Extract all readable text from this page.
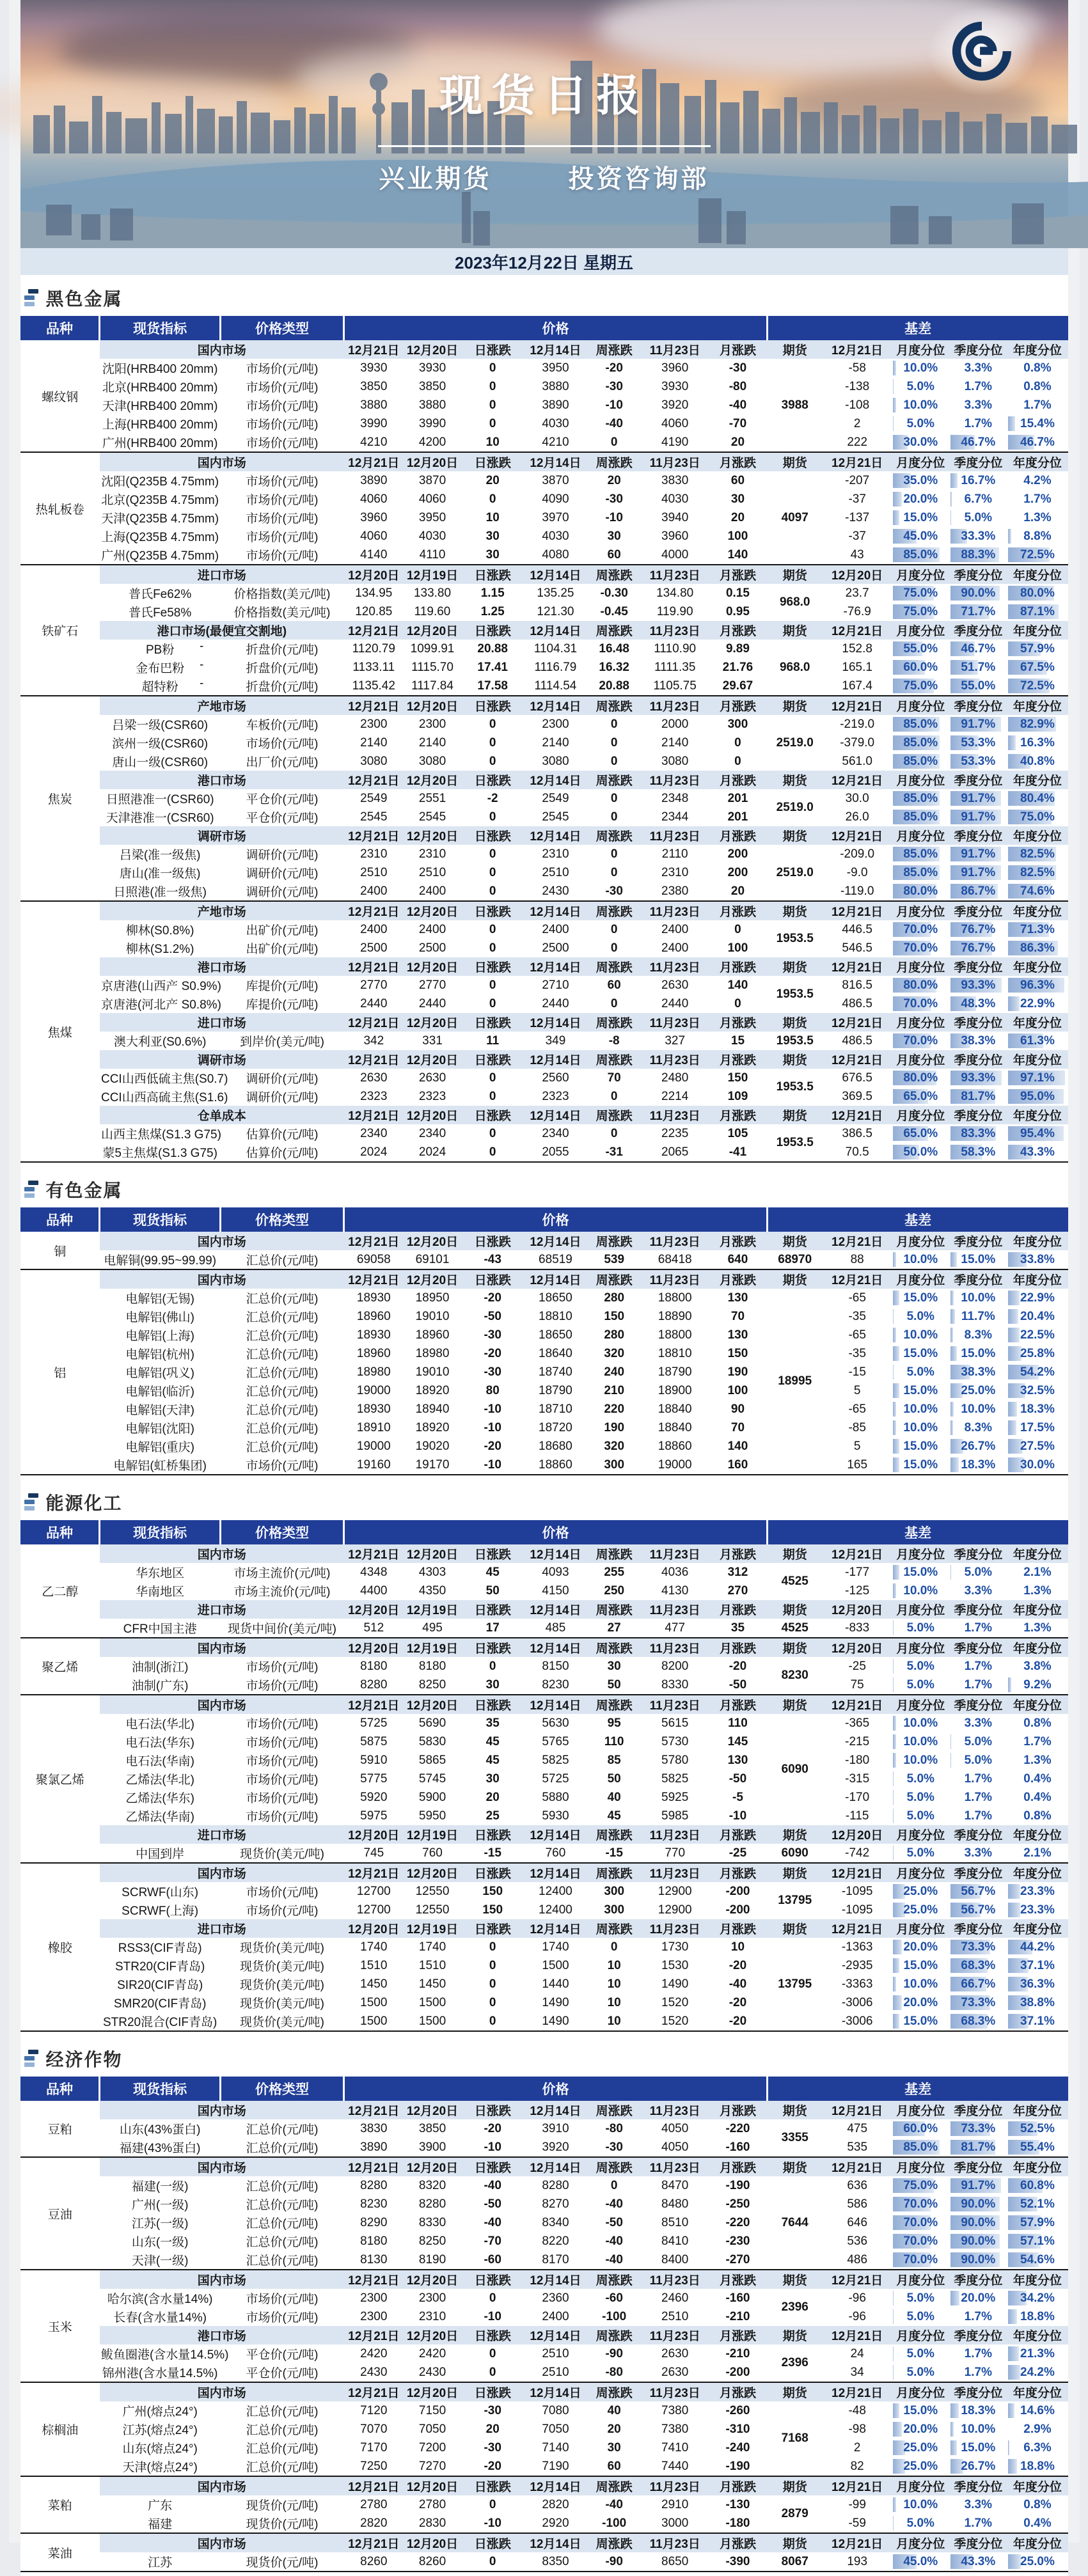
现货日报
兴业期货	投资咨询部
2023年12月22日 星期五
黑色金属
品种	现货指标	价格类型	价格							基差				
螺纹钢	国内市场		12月21日	12月20日	日涨跌	12月14日	周涨跌	11月23日	月涨跌	期货	12月21日	月度分位	季度分位	年度分位
	沈阳(HRB400 20mm)	市场价(元/吨)	3930	3930	0	3950	-20	3960	-30	3988	-58	10.0%	3.3%	0.8%
	北京(HRB400 20mm)	市场价(元/吨)	3850	3850	0	3880	-30	3930	-80		-138	5.0%	1.7%	0.8%
	天津(HRB400 20mm)	市场价(元/吨)	3880	3880	0	3890	-10	3920	-40		-108	10.0%	3.3%	1.7%
	上海(HRB400 20mm)	市场价(元/吨)	3990	3990	0	4030	-40	4060	-70		2	5.0%	1.7%	15.4%
	广州(HRB400 20mm)	市场价(元/吨)	4210	4200	10	4210	0	4190	20		222	30.0%	46.7%	46.7%
热轧板卷	国内市场		12月21日	12月20日	日涨跌	12月14日	周涨跌	11月23日	月涨跌	期货	12月21日	月度分位	季度分位	年度分位
	沈阳(Q235B 4.75mm)	市场价(元/吨)	3890	3870	20	3870	20	3830	60	4097	-207	35.0%	16.7%	4.2%
	北京(Q235B 4.75mm)	市场价(元/吨)	4060	4060	0	4090	-30	4030	30		-37	20.0%	6.7%	1.7%
	天津(Q235B 4.75mm)	市场价(元/吨)	3960	3950	10	3970	-10	3940	20		-137	15.0%	5.0%	1.3%
	上海(Q235B 4.75mm)	市场价(元/吨)	4060	4030	30	4030	30	3960	100		-37	45.0%	33.3%	8.8%
	广州(Q235B 4.75mm)	市场价(元/吨)	4140	4110	30	4080	60	4000	140		43	85.0%	88.3%	72.5%
铁矿石	进口市场		12月20日	12月19日	日涨跌	12月14日	周涨跌	11月23日	月涨跌	期货	12月20日	月度分位	季度分位	年度分位
	普氏Fe62%	价格指数(美元/吨)	134.95	133.80	1.15	135.25	-0.30	134.80	0.15	968.0	23.7	75.0%	90.0%	80.0%
	普氏Fe58%	价格指数(美元/吨)	120.85	119.60	1.25	121.30	-0.45	119.90	0.95		-76.9	75.0%	71.7%	87.1%
	港口市场(最便宜交割地)		12月21日	12月20日	日涨跌	12月14日	周涨跌	11月23日	月涨跌	期货	12月21日	月度分位	季度分位	年度分位
	PB粉 -	折盘价(元/吨)	1120.79	1099.91	20.88	1104.31	16.48	1110.90	9.89	968.0	152.8	55.0%	46.7%	57.9%
	金布巴粉 -	折盘价(元/吨)	1133.11	1115.70	17.41	1116.79	16.32	1111.35	21.76		165.1	60.0%	51.7%	67.5%
	超特粉 -	折盘价(元/吨)	1135.42	1117.84	17.58	1114.54	20.88	1105.75	29.67		167.4	75.0%	55.0%	72.5%
焦炭	产地市场		12月21日	12月20日	日涨跌	12月14日	周涨跌	11月23日	月涨跌	期货	12月21日	月度分位	季度分位	年度分位
	吕梁一级(CSR60)	车板价(元/吨)	2300	2300	0	2300	0	2000	300	2519.0	-219.0	85.0%	91.7%	82.9%
	滨州一级(CSR60)	市场价(元/吨)	2140	2140	0	2140	0	2140	0		-379.0	85.0%	53.3%	16.3%
	唐山一级(CSR60)	出厂价(元/吨)	3080	3080	0	3080	0	3080	0		561.0	85.0%	53.3%	40.8%
	港口市场		12月21日	12月20日	日涨跌	12月14日	周涨跌	11月23日	月涨跌	期货	12月21日	月度分位	季度分位	年度分位
	日照港准一(CSR60)	平仓价(元/吨)	2549	2551	-2	2549	0	2348	201	2519.0	30.0	85.0%	91.7%	80.4%
	天津港准一(CSR60)	平仓价(元/吨)	2545	2545	0	2545	0	2344	201		26.0	85.0%	91.7%	75.0%
	调研市场		12月21日	12月20日	日涨跌	12月14日	周涨跌	11月23日	月涨跌	期货	12月21日	月度分位	季度分位	年度分位
	吕梁(准一级焦)	调研价(元/吨)	2310	2310	0	2310	0	2110	200	2519.0	-209.0	85.0%	91.7%	82.5%
	唐山(准一级焦)	调研价(元/吨)	2510	2510	0	2510	0	2310	200		-9.0	85.0%	91.7%	82.5%
	日照港(准一级焦)	调研价(元/吨)	2400	2400	0	2430	-30	2380	20		-119.0	80.0%	86.7%	74.6%
焦煤	产地市场		12月21日	12月20日	日涨跌	12月14日	周涨跌	11月23日	月涨跌	期货	12月21日	月度分位	季度分位	年度分位
	柳林(S0.8%)	出矿价(元/吨)	2400	2400	0	2400	0	2400	0	1953.5	446.5	70.0%	76.7%	71.3%
	柳林(S1.2%)	出矿价(元/吨)	2500	2500	0	2500	0	2400	100		546.5	70.0%	76.7%	86.3%
	港口市场		12月21日	12月20日	日涨跌	12月14日	周涨跌	11月23日	月涨跌	期货	12月21日	月度分位	季度分位	年度分位
	京唐港(山西产 S0.9%)	库提价(元/吨)	2770	2770	0	2710	60	2630	140	1953.5	816.5	80.0%	93.3%	96.3%
	京唐港(河北产 S0.8%)	库提价(元/吨)	2440	2440	0	2440	0	2440	0		486.5	70.0%	48.3%	22.9%
	进口市场		12月21日	12月20日	日涨跌	12月14日	周涨跌	11月23日	月涨跌	期货	12月21日	月度分位	季度分位	年度分位
	澳大利亚(S0.6%)	到岸价(美元/吨)	342	331	11	349	-8	327	15	1953.5	486.5	70.0%	38.3%	61.3%
	调研市场		12月21日	12月20日	日涨跌	12月14日	周涨跌	11月23日	月涨跌	期货	12月21日	月度分位	季度分位	年度分位
	CCI山西低硫主焦(S0.7)	调研价(元/吨)	2630	2630	0	2560	70	2480	150	1953.5	676.5	80.0%	93.3%	97.1%
	CCI山西高硫主焦(S1.6)	调研价(元/吨)	2323	2323	0	2323	0	2214	109		369.5	65.0%	81.7%	95.0%
	仓单成本		12月21日	12月20日	日涨跌	12月14日	周涨跌	11月23日	月涨跌	期货	12月21日	月度分位	季度分位	年度分位
	山西主焦煤(S1.3 G75)	估算价(元/吨)	2340	2340	0	2340	0	2235	105	1953.5	386.5	65.0%	83.3%	95.4%
	蒙5主焦煤(S1.3 G75)	估算价(元/吨)	2024	2024	0	2055	-31	2065	-41		70.5	50.0%	58.3%	43.3%
有色金属
品种	现货指标	价格类型	价格							基差				
铜	国内市场		12月21日	12月20日	日涨跌	12月14日	周涨跌	11月23日	月涨跌	期货	12月21日	月度分位	季度分位	年度分位
	电解铜(99.95~99.99)	汇总价(元/吨)	69058	69101	-43	68519	539	68418	640	68970	88	10.0%	15.0%	33.8%
铝	国内市场		12月21日	12月20日	日涨跌	12月14日	周涨跌	11月23日	月涨跌	期货	12月21日	月度分位	季度分位	年度分位
	电解铝(无锡)	汇总价(元/吨)	18930	18950	-20	18650	280	18800	130	18995	-65	15.0%	10.0%	22.9%
	电解铝(佛山)	汇总价(元/吨)	18960	19010	-50	18810	150	18890	70		-35	5.0%	11.7%	20.4%
	电解铝(上海)	汇总价(元/吨)	18930	18960	-30	18650	280	18800	130		-65	10.0%	8.3%	22.5%
	电解铝(杭州)	汇总价(元/吨)	18960	18980	-20	18640	320	18810	150		-35	15.0%	15.0%	25.8%
	电解铝(巩义)	汇总价(元/吨)	18980	19010	-30	18740	240	18790	190		-15	5.0%	38.3%	54.2%
	电解铝(临沂)	汇总价(元/吨)	19000	18920	80	18790	210	18900	100		5	15.0%	25.0%	32.5%
	电解铝(天津)	汇总价(元/吨)	18930	18940	-10	18710	220	18840	90		-65	10.0%	10.0%	18.3%
	电解铝(沈阳)	汇总价(元/吨)	18910	18920	-10	18720	190	18840	70		-85	10.0%	8.3%	17.5%
	电解铝(重庆)	汇总价(元/吨)	19000	19020	-20	18680	320	18860	140		5	15.0%	26.7%	27.5%
	电解铝(虹桥集团)	市场价(元/吨)	19160	19170	-10	18860	300	19000	160		165	15.0%	18.3%	30.0%
能源化工
品种	现货指标	价格类型	价格							基差				
乙二醇	国内市场		12月21日	12月20日	日涨跌	12月14日	周涨跌	11月23日	月涨跌	期货	12月21日	月度分位	季度分位	年度分位
	华东地区	市场主流价(元/吨)	4348	4303	45	4093	255	4036	312	4525	-177	15.0%	5.0%	2.1%
	华南地区	市场主流价(元/吨)	4400	4350	50	4150	250	4130	270		-125	10.0%	3.3%	1.3%
	进口市场		12月20日	12月19日	日涨跌	12月14日	周涨跌	11月23日	月涨跌	期货	12月20日	月度分位	季度分位	年度分位
	CFR中国主港	现货中间价(美元/吨)	512	495	17	485	27	477	35	4525	-833	5.0%	1.7%	1.3%
聚乙烯	国内市场		12月20日	12月19日	日涨跌	12月14日	周涨跌	11月23日	月涨跌	期货	12月20日	月度分位	季度分位	年度分位
	油制(浙江)	市场价(元/吨)	8180	8180	0	8150	30	8200	-20	8230	-25	5.0%	1.7%	3.8%
	油制(广东)	市场价(元/吨)	8280	8250	30	8230	50	8330	-50		75	5.0%	1.7%	9.2%
聚氯乙烯	国内市场		12月21日	12月20日	日涨跌	12月14日	周涨跌	11月23日	月涨跌	期货	12月21日	月度分位	季度分位	年度分位
	电石法(华北)	市场价(元/吨)	5725	5690	35	5630	95	5615	110	6090	-365	10.0%	3.3%	0.8%
	电石法(华东)	市场价(元/吨)	5875	5830	45	5765	110	5730	145		-215	10.0%	5.0%	1.7%
	电石法(华南)	市场价(元/吨)	5910	5865	45	5825	85	5780	130		-180	10.0%	5.0%	1.3%
	乙烯法(华北)	市场价(元/吨)	5775	5745	30	5725	50	5825	-50		-315	5.0%	1.7%	0.4%
	乙烯法(华东)	市场价(元/吨)	5920	5900	20	5880	40	5925	-5		-170	5.0%	1.7%	0.4%
	乙烯法(华南)	市场价(元/吨)	5975	5950	25	5930	45	5985	-10		-115	5.0%	1.7%	0.8%
	进口市场		12月20日	12月19日	日涨跌	12月14日	周涨跌	11月23日	月涨跌	期货	12月20日	月度分位	季度分位	年度分位
	中国到岸	现货价(美元/吨)	745	760	-15	760	-15	770	-25	6090	-742	5.0%	3.3%	2.1%
橡胶	国内市场		12月21日	12月20日	日涨跌	12月14日	周涨跌	11月23日	月涨跌	期货	12月21日	月度分位	季度分位	年度分位
	SCRWF(山东)	市场价(元/吨)	12700	12550	150	12400	300	12900	-200	13795	-1095	25.0%	56.7%	23.3%
	SCRWF(上海)	市场价(元/吨)	12700	12550	150	12400	300	12900	-200		-1095	25.0%	56.7%	23.3%
	进口市场		12月20日	12月19日	日涨跌	12月14日	周涨跌	11月23日	月涨跌	期货	12月21日	月度分位	季度分位	年度分位
	RSS3(CIF青岛)	现货价(美元/吨)	1740	1740	0	1740	0	1730	10	13795	-1363	20.0%	73.3%	44.2%
	STR20(CIF青岛)	现货价(美元/吨)	1510	1510	0	1500	10	1530	-20		-2935	15.0%	68.3%	37.1%
	SIR20(CIF青岛)	现货价(美元/吨)	1450	1450	0	1440	10	1490	-40		-3363	10.0%	66.7%	36.3%
	SMR20(CIF青岛)	现货价(美元/吨)	1500	1500	0	1490	10	1520	-20		-3006	20.0%	73.3%	38.8%
	STR20混合(CIF青岛)	现货价(美元/吨)	1500	1500	0	1490	10	1520	-20		-3006	15.0%	68.3%	37.1%
经济作物
品种	现货指标	价格类型	价格							基差				
豆粕	国内市场		12月21日	12月20日	日涨跌	12月14日	周涨跌	11月23日	月涨跌	期货	12月21日	月度分位	季度分位	年度分位
	山东(43%蛋白)	汇总价(元/吨)	3830	3850	-20	3910	-80	4050	-220	3355	475	60.0%	73.3%	52.5%
	福建(43%蛋白)	汇总价(元/吨)	3890	3900	-10	3920	-30	4050	-160		535	85.0%	81.7%	55.4%
豆油	国内市场		12月21日	12月20日	日涨跌	12月14日	周涨跌	11月23日	月涨跌	期货	12月21日	月度分位	季度分位	年度分位
	福建(一级)	汇总价(元/吨)	8280	8320	-40	8280	0	8470	-190	7644	636	75.0%	91.7%	60.8%
	广州(一级)	汇总价(元/吨)	8230	8280	-50	8270	-40	8480	-250		586	70.0%	90.0%	52.1%
	江苏(一级)	汇总价(元/吨)	8290	8330	-40	8340	-50	8510	-220		646	70.0%	90.0%	57.9%
	山东(一级)	汇总价(元/吨)	8180	8250	-70	8220	-40	8410	-230		536	70.0%	90.0%	57.1%
	天津(一级)	汇总价(元/吨)	8130	8190	-60	8170	-40	8400	-270		486	70.0%	90.0%	54.6%
玉米	国内市场		12月21日	12月20日	日涨跌	12月14日	周涨跌	11月23日	月涨跌	期货	12月21日	月度分位	季度分位	年度分位
	哈尔滨(含水量14%)	市场价(元/吨)	2300	2300	0	2360	-60	2460	-160	2396	-96	5.0%	20.0%	34.2%
	长春(含水量14%)	市场价(元/吨)	2300	2310	-10	2400	-100	2510	-210		-96	5.0%	1.7%	18.8%
	港口市场		12月21日	12月20日	日涨跌	12月14日	周涨跌	11月23日	月涨跌	期货	12月21日	月度分位	季度分位	年度分位
	鲅鱼圈港(含水量14.5%)	平仓价(元/吨)	2420	2420	0	2510	-90	2630	-210	2396	24	5.0%	1.7%	21.3%
	锦州港(含水量14.5%)	平仓价(元/吨)	2430	2430	0	2510	-80	2630	-200		34	5.0%	1.7%	24.2%
棕榈油	国内市场		12月21日	12月20日	日涨跌	12月14日	周涨跌	11月23日	月涨跌	期货	12月21日	月度分位	季度分位	年度分位
	广州(熔点24°)	汇总价(元/吨)	7120	7150	-30	7080	40	7380	-260	7168	-48	15.0%	18.3%	14.6%
	江苏(熔点24°)	汇总价(元/吨)	7070	7050	20	7050	20	7380	-310		-98	20.0%	10.0%	2.9%
	山东(熔点24°)	汇总价(元/吨)	7170	7200	-30	7140	30	7410	-240		2	25.0%	15.0%	6.3%
	天津(熔点24°)	汇总价(元/吨)	7250	7270	-20	7190	60	7440	-190		82	25.0%	26.7%	18.8%
菜粕	国内市场		12月21日	12月20日	日涨跌	12月14日	周涨跌	11月23日	月涨跌	期货	12月21日	月度分位	季度分位	年度分位
	广东	现货价(元/吨)	2780	2780	0	2820	-40	2910	-130	2879	-99	10.0%	3.3%	0.8%
	福建	现货价(元/吨)	2820	2830	-10	2920	-100	3000	-180		-59	5.0%	1.7%	0.4%
菜油	国内市场		12月21日	12月20日	日涨跌	12月14日	周涨跌	11月23日	月涨跌	期货	12月21日	月度分位	季度分位	年度分位
	江苏	现货价(元/吨)	8260	8260	0	8350	-90	8650	-390	8067	193	45.0%	43.3%	25.0%
